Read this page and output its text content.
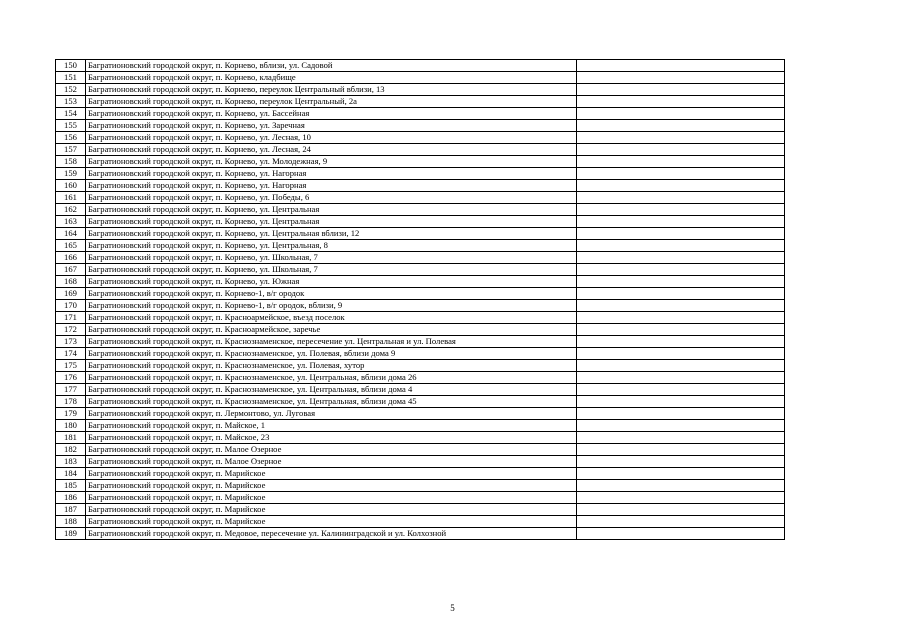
150	Багратионовский городской округ, п. Корнево, вблизи, ул. Садовой	
151	Багратионовский городской округ, п. Корнево, кладбище	
152	Багратионовский городской округ, п. Корнево, переулок Центральный вблизи, 13	
153	Багратионовский городской округ, п. Корнево, переулок Центральный, 2а	
154	Багратионовский городской округ, п. Корнево, ул. Бассейная	
155	Багратионовский городской округ, п. Корнево, ул. Заречная	
156	Багратионовский городской округ, п. Корнево, ул. Лесная, 10	
157	Багратионовский городской округ, п. Корнево, ул. Лесная, 24	
158	Багратионовский городской округ, п. Корнево, ул. Молодежная, 9	
159	Багратионовский городской округ, п. Корнево, ул. Нагорная	
160	Багратионовский городской округ, п. Корнево, ул. Нагорная	
161	Багратионовский городской округ, п. Корнево, ул. Победы, 6	
162	Багратионовский городской округ, п. Корнево, ул. Центральная	
163	Багратионовский городской округ, п. Корнево, ул. Центральная	
164	Багратионовский городской округ, п. Корнево, ул. Центральная вблизи, 12	
165	Багратионовский городской округ, п. Корнево, ул. Центральная, 8	
166	Багратионовский городской округ, п. Корнево, ул. Школьная, 7	
167	Багратионовский городской округ, п. Корнево, ул. Школьная, 7	
168	Багратионовский городской округ, п. Корнево, ул. Южная	
169	Багратионовский городской округ, п. Корнево-1, в/г ородок	
170	Багратионовский городской округ, п. Корнево-1, в/г ородок, вблизи, 9	
171	Багратионовский городской округ, п. Красноармейское, въезд поселок	
172	Багратионовский городской округ, п. Красноармейское, заречье	
173	Багратионовский городской округ, п. Краснознаменское, пересечение ул. Центральная и ул. Полевая	
174	Багратионовский городской округ, п. Краснознаменское, ул. Полевая, вблизи дома 9	
175	Багратионовский городской округ, п. Краснознаменское, ул. Полевая, хутор	
176	Багратионовский городской округ, п. Краснознаменское, ул. Центральная, вблизи дома 26	
177	Багратионовский городской округ, п. Краснознаменское, ул. Центральная, вблизи дома 4	
178	Багратионовский городской округ, п. Краснознаменское, ул. Центральная, вблизи дома 45	
179	Багратионовский городской округ, п. Лермонтово, ул. Луговая	
180	Багратионовский городской округ, п. Майское, 1	
181	Багратионовский городской округ, п. Майское, 23	
182	Багратионовский городской округ, п. Малое Озерное	
183	Багратионовский городской округ, п. Малое Озерное	
184	Багратионовский городской округ, п. Марийское	
185	Багратионовский городской округ, п. Марийское	
186	Багратионовский городской округ, п. Марийское	
187	Багратионовский городской округ, п. Марийское	
188	Багратионовский городской округ, п. Марийское	
189	Багратионовский городской округ, п. Медовое, пересечение ул. Калининградской и ул. Колхозной	
5
